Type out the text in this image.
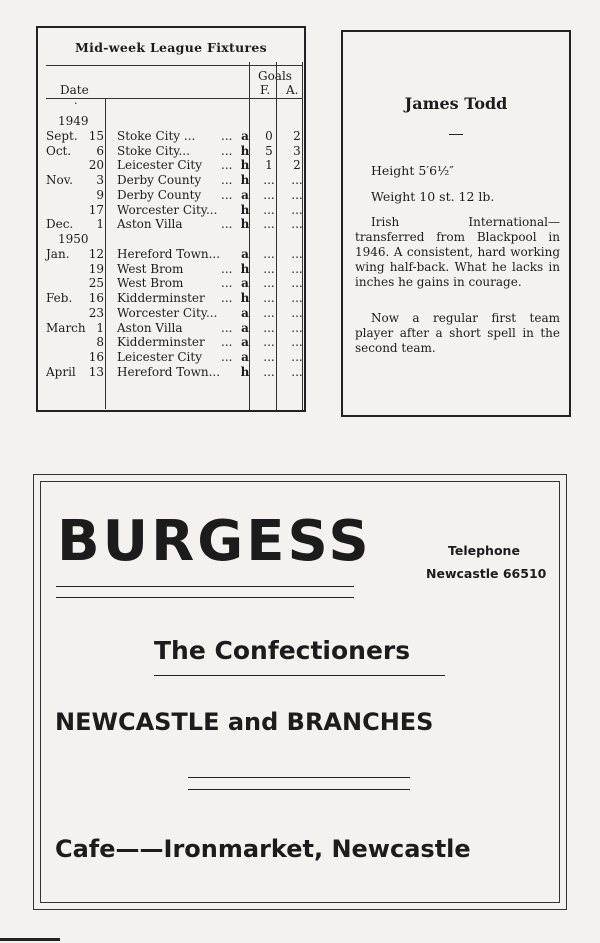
Mid-week League Fixtures
·
Date
Goals
F. A.
1949
1950
Sept. 15 Stoke City ... ... a	0	2
Oct.	6 Stoke City...	... h	5	3
20 Leicester City ... h	1	2
Nov.	3 Derby County ... h	...	...
9 Derby County ... a	...	...
17 Worcester City... h	...	...
Dec.	1 Aston Villa	... h	...	...
Jan.	12 Hereford Town... a	...	...
19 West Brom	... h	...	...
25 West Brom	... a	...	...
Feb.	16 Kidderminster ... h	...	...
23 Worcester City... a	...	...
March 1 Aston Villa	... a	...	...
8 Kidderminster ... a	...	...
16 Leicester City ... a	...	...
April	13 Hereford Town... h	...	...
James Todd
Height 5′6½″
Weight 10 st. 12 lb.
Irish International—transferred from Blackpool in 1946. A consistent, hard working wing half-back. What he lacks in inches he gains in courage.
Now a regular first team player after a short spell in the second team.
BURGESS	Telephone
Newcastle 66510
The Confectioners
NEWCASTLE and BRANCHES
Cafe——Ironmarket, Newcastle
